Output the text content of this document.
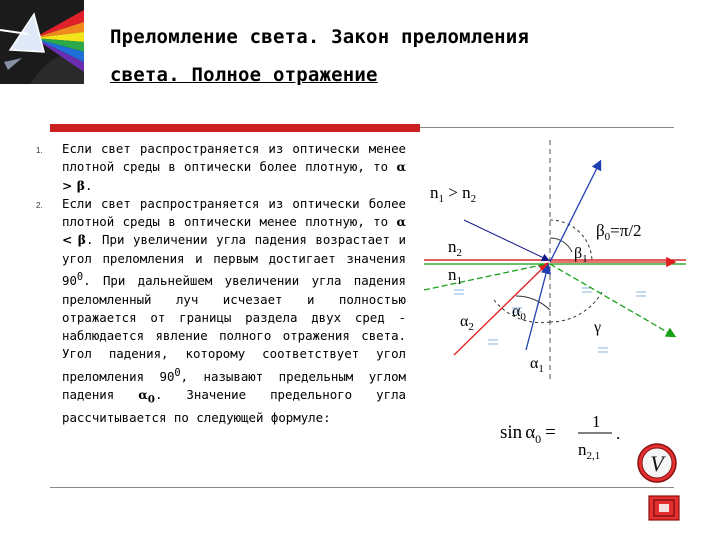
Преломление света. Закон преломления
света. Полное отражение
1. Если свет распространяется из оптически менее плотной среды в оптически более плотную, то α > β.
2. Если свет распространяется из оптически более плотной среды в оптически менее плотную, то α < β. При увеличении угла падения возрастает и угол преломления и первым достигает значения $90^0$. При дальнейшем увеличении угла падения преломленный луч исчезает и полностью отражается от границы раздела двух сред - наблюдается явление полного отражения света. Угол падения, которому соответствует угол преломления $90^0$, называют предельным углом падения $\alpha_0$. Значение предельного угла рассчитывается по следующей формуле:
$n_1 > n_2$
$\beta_0=\pi/2$
$\beta_1$
$n_2$
$n_1$
$\alpha_2$
$\alpha_0$
$\alpha_1$
γ
$\sin \alpha_0$ =
1
$n_{2,1}$
.
V
